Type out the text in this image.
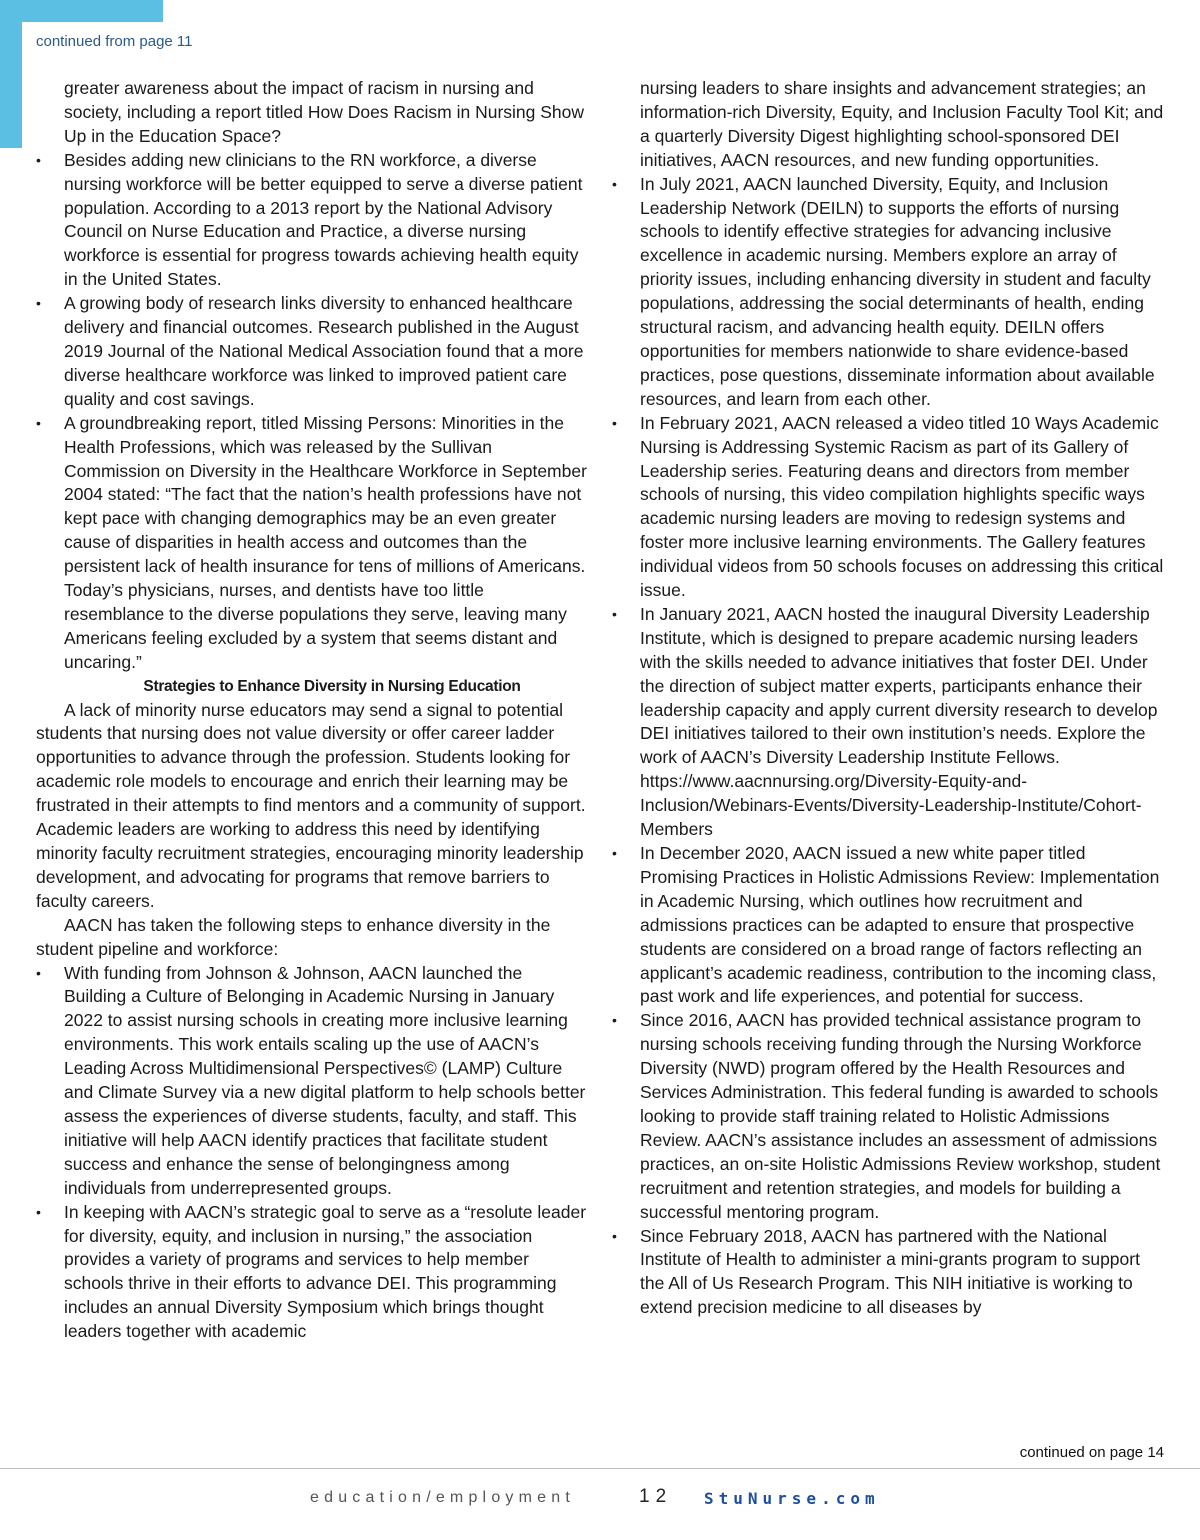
continued from page 11

greater awareness about the impact of racism in nursing and society, including a report titled How Does Racism in Nursing Show Up in the Education Space?

• Besides adding new clinicians to the RN workforce, a diverse nursing workforce will be better equipped to serve a diverse patient population. According to a 2013 report by the National Advisory Council on Nurse Education and Practice, a diverse nursing workforce is essential for progress towards achieving health equity in the United States.
• A growing body of research links diversity to enhanced healthcare delivery and financial outcomes. Research published in the August 2019 Journal of the National Medical Association found that a more diverse healthcare workforce was linked to improved patient care quality and cost savings.
• A groundbreaking report, titled Missing Persons: Minorities in the Health Professions, which was released by the Sullivan Commission on Diversity in the Healthcare Workforce in September 2004 stated: “The fact that the nation’s health professions have not kept pace with changing demographics may be an even greater cause of disparities in health access and outcomes than the persistent lack of health insurance for tens of millions of Americans. Today’s physicians, nurses, and dentists have too little resemblance to the diverse populations they serve, leaving many Americans feeling excluded by a system that seems distant and uncaring.”

Strategies to Enhance Diversity in Nursing Education

A lack of minority nurse educators may send a signal to potential students that nursing does not value diversity or offer career ladder opportunities to advance through the profession. Students looking for academic role models to encourage and enrich their learning may be frustrated in their attempts to find mentors and a community of support. Academic leaders are working to address this need by identifying minority faculty recruitment strategies, encouraging minority leadership development, and advocating for programs that remove barriers to faculty careers.

AACN has taken the following steps to enhance diversity in the student pipeline and workforce:

• With funding from Johnson & Johnson, AACN launched the Building a Culture of Belonging in Academic Nursing in January 2022 to assist nursing schools in creating more inclusive learning environments. This work entails scaling up the use of AACN’s Leading Across Multidimensional Perspectives© (LAMP) Culture and Climate Survey via a new digital platform to help schools better assess the experiences of diverse students, faculty, and staff. This initiative will help AACN identify practices that facilitate student success and enhance the sense of belongingness among individuals from underrepresented groups.
• In keeping with AACN’s strategic goal to serve as a “resolute leader for diversity, equity, and inclusion in nursing,” the association provides a variety of programs and services to help member schools thrive in their efforts to advance DEI. This programming includes an annual Diversity Symposium which brings thought leaders together with academic

nursing leaders to share insights and advancement strategies; an information-rich Diversity, Equity, and Inclusion Faculty Tool Kit; and a quarterly Diversity Digest highlighting school-sponsored DEI initiatives, AACN resources, and new funding opportunities.

• In July 2021, AACN launched Diversity, Equity, and Inclusion Leadership Network (DEILN) to supports the efforts of nursing schools to identify effective strategies for advancing inclusive excellence in academic nursing. Members explore an array of priority issues, including enhancing diversity in student and faculty populations, addressing the social determinants of health, ending structural racism, and advancing health equity. DEILN offers opportunities for members nationwide to share evidence-based practices, pose questions, disseminate information about available resources, and learn from each other.
• In February 2021, AACN released a video titled 10 Ways Academic Nursing is Addressing Systemic Racism as part of its Gallery of Leadership series. Featuring deans and directors from member schools of nursing, this video compilation highlights specific ways academic nursing leaders are moving to redesign systems and foster more inclusive learning environments. The Gallery features individual videos from 50 schools focuses on addressing this critical issue.
• In January 2021, AACN hosted the inaugural Diversity Leadership Institute, which is designed to prepare academic nursing leaders with the skills needed to advance initiatives that foster DEI. Under the direction of subject matter experts, participants enhance their leadership capacity and apply current diversity research to develop DEI initiatives tailored to their own institution’s needs. Explore the work of AACN’s Diversity Leadership Institute Fellows. https://www.aacnnursing.org/Diversity-Equity-and-Inclusion/Webinars-Events/Diversity-Leadership-Institute/Cohort-Members
• In December 2020, AACN issued a new white paper titled Promising Practices in Holistic Admissions Review: Implementation in Academic Nursing, which outlines how recruitment and admissions practices can be adapted to ensure that prospective students are considered on a broad range of factors reflecting an applicant’s academic readiness, contribution to the incoming class, past work and life experiences, and potential for success.
• Since 2016, AACN has provided technical assistance program to nursing schools receiving funding through the Nursing Workforce Diversity (NWD) program offered by the Health Resources and Services Administration. This federal funding is awarded to schools looking to provide staff training related to Holistic Admissions Review. AACN’s assistance includes an assessment of admissions practices, an on-site Holistic Admissions Review workshop, student recruitment and retention strategies, and models for building a successful mentoring program.
• Since February 2018, AACN has partnered with the National Institute of Health to administer a mini-grants program to support the All of Us Research Program. This NIH initiative is working to extend precision medicine to all diseases by
continued on page 14
education/employment	12 StuNurse.com
